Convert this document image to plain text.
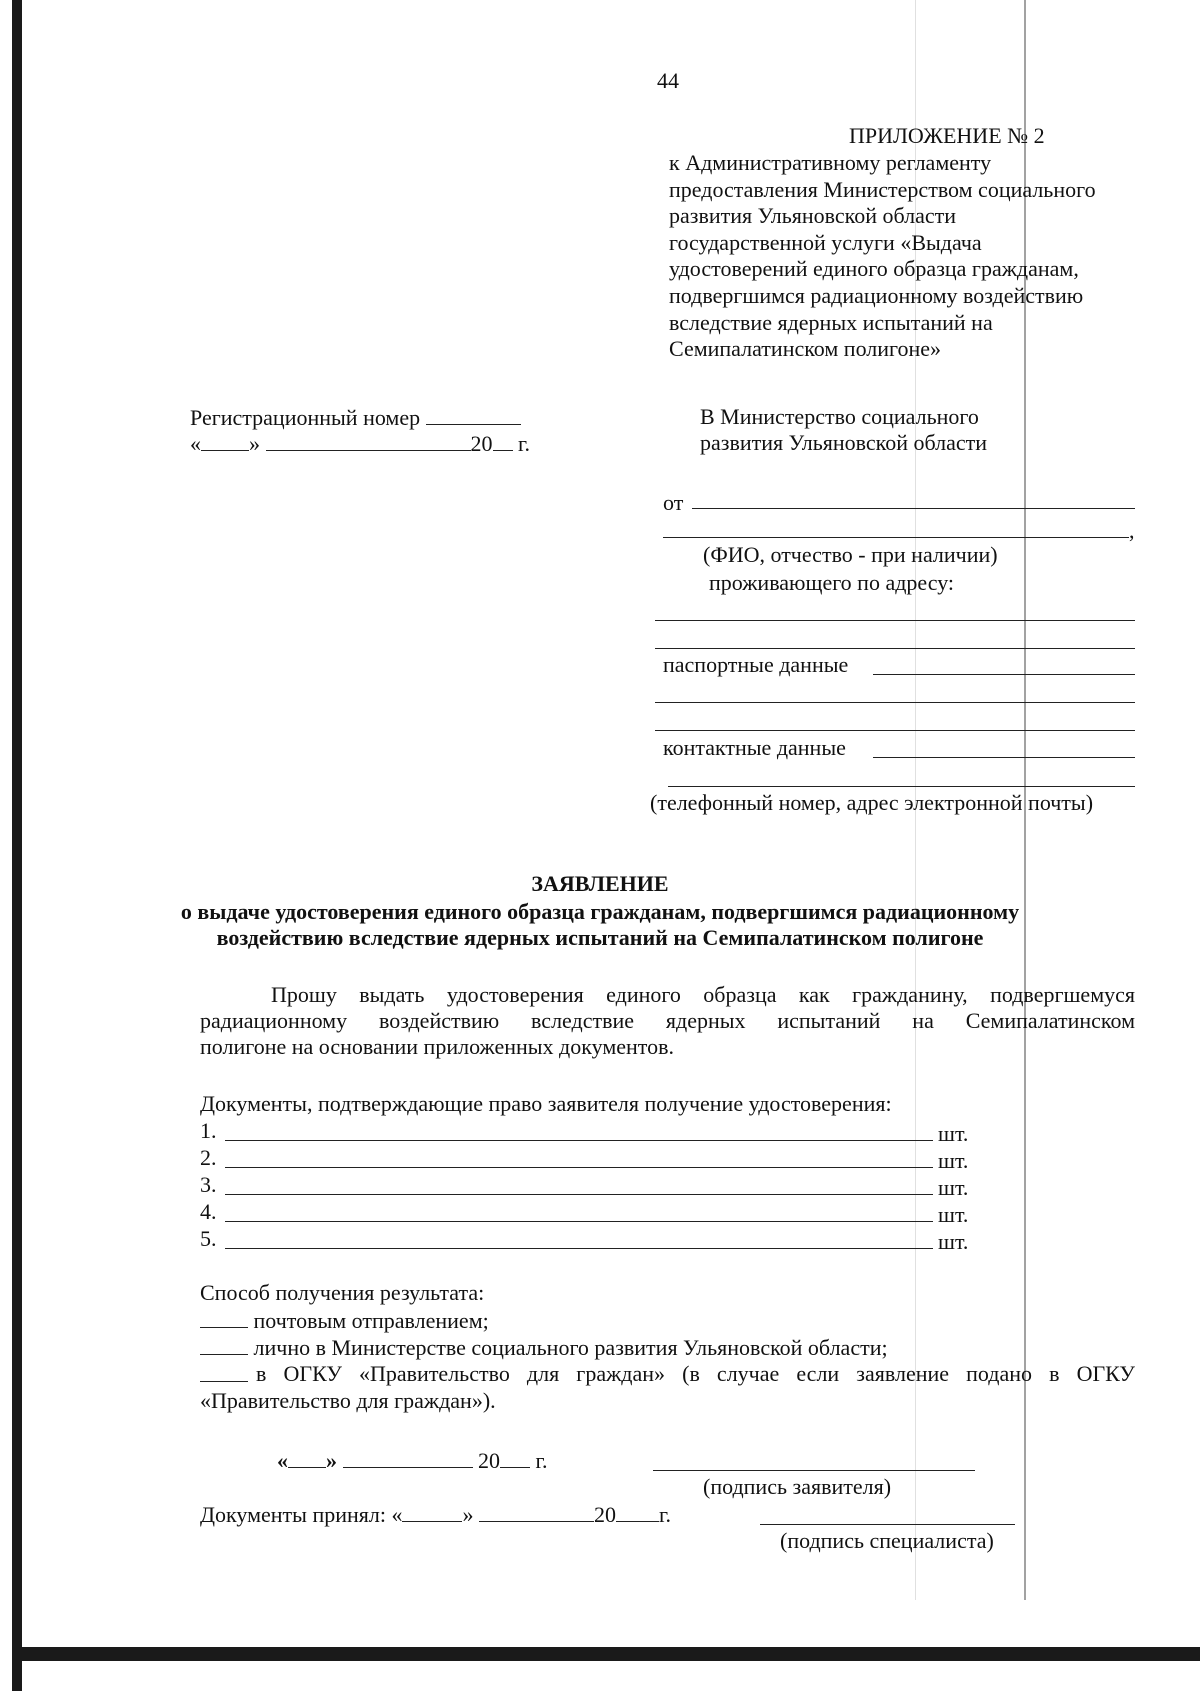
44
ПРИЛОЖЕНИЕ № 2
к Административному регламенту
предоставления Министерством социального
развития Ульяновской области
государственной услуги «Выдача
удостоверений единого образца гражданам,
подвергшимся радиационному воздействию
вследствие ядерных испытаний на
Семипалатинском полигоне»
Регистрационный номер
« »	20 г.
В Министерство социального
развития Ульяновской области
от
,
(ФИО, отчество - при наличии)
проживающего по адресу:
паспортные данные
контактные данные
(телефонный номер, адрес электронной почты)
ЗАЯВЛЕНИЕ
о выдаче удостоверения единого образца гражданам, подвергшимся радиационному
воздействию вследствие ядерных испытаний на Семипалатинском полигоне
Прошу выдать удостоверения единого образца как гражданину, подвергшемуся
радиационному воздействию вследствие ядерных испытаний на Семипалатинском
полигоне на основании приложенных документов.
Документы, подтверждающие право заявителя получение удостоверения:
1.	шт.
2.	шт.
3.	шт.
4.	шт.
5.	шт.
Способ получения результата:
почтовым отправлением;
лично в Министерстве социального развития Ульяновской области;
в ОГКУ «Правительство для граждан» (в случае если заявление подано в ОГКУ
«Правительство для граждан»).
« »	20 г.
(подпись заявителя)
Документы принял: «	»	20 г.
(подпись специалиста)
